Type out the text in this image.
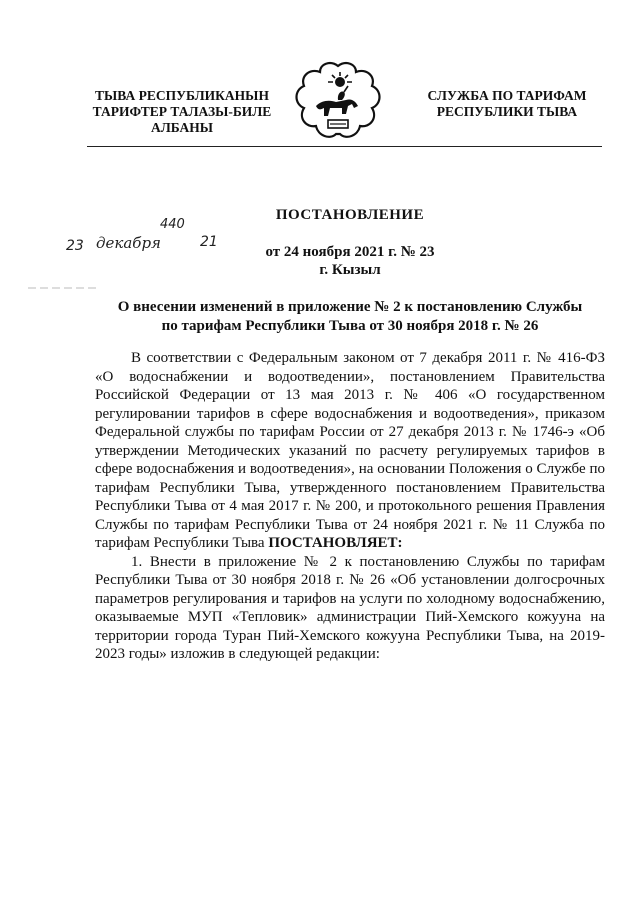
ТЫВА РЕСПУБЛИКАНЫН
ТАРИФТЕР ТАЛАЗЫ-БИЛЕ
АЛБАНЫ
СЛУЖБА ПО ТАРИФАМ
РЕСПУБЛИКИ ТЫВА
440
23 декабря	21
ПОСТАНОВЛЕНИЕ
от 24 ноября 2021 г. № 23
г. Кызыл
О внесении изменений в приложение № 2 к постановлению Службы
по тарифам Республики Тыва от 30 ноября 2018 г. № 26

В соответствии с Федеральным законом от 7 декабря 2011 г. № 416-ФЗ «О водоснабжении и водоотведении», постановлением Правительства Российской Федерации от 13 мая 2013 г. № 406 «О государственном регулировании тарифов в сфере водоснабжения и водоотведения», приказом Федеральной службы по тарифам России от 27 декабря 2013 г. № 1746-э «Об утверждении Методических указаний по расчету регулируемых тарифов в сфере водоснабжения и водоотведения», на основании Положения о Службе по тарифам Республики Тыва, утвержденного постановлением Правительства Республики Тыва от 4 мая 2017 г. № 200, и протокольного решения Правления Службы по тарифам Республики Тыва от 24 ноября 2021 г. № 11 Служба по тарифам Республики Тыва ПОСТАНОВЛЯЕТ:

1. Внести в приложение № 2 к постановлению Службы по тарифам Республики Тыва от 30 ноября 2018 г. № 26 «Об установлении долгосрочных параметров регулирования и тарифов на услуги по холодному водоснабжению, оказываемые МУП «Тепловик» администрации Пий-Хемского кожууна на территории города Туран Пий-Хемского кожууна Республики Тыва, на 2019-2023 годы» изложив в следующей редакции:
